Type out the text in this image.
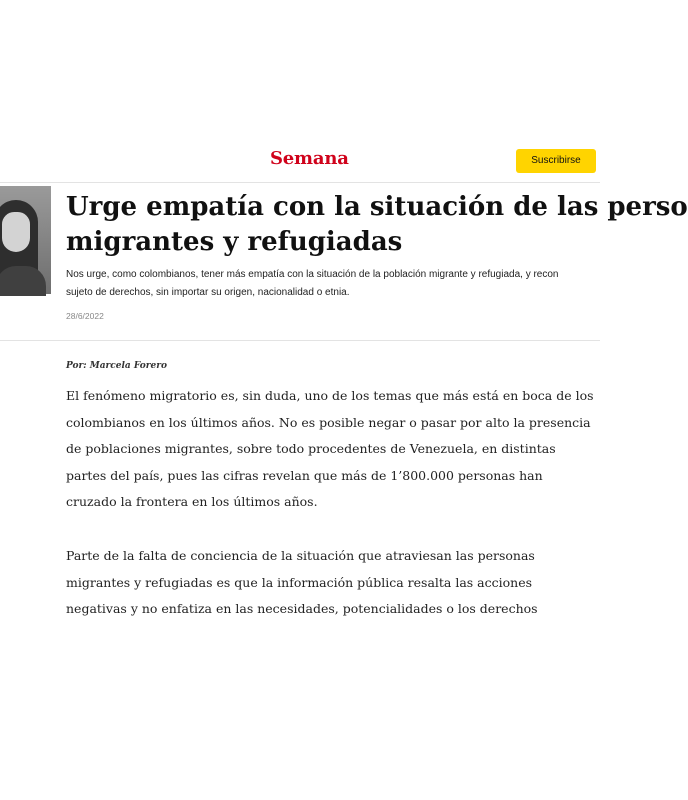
Semana	Suscribirse
Urge empatía con la situación de las perso
migrantes y refugiadas

Nos urge, como colombianos, tener más empatía con la situación de la población migrante y refugiada, y recon
sujeto de derechos, sin importar su origen, nacionalidad o etnia.

28/6/2022
Por: Marcela Forero

El fenómeno migratorio es, sin duda, uno de los temas que más está en boca de los
colombianos en los últimos años. No es posible negar o pasar por alto la presencia
de poblaciones migrantes, sobre todo procedentes de Venezuela, en distintas
partes del país, pues las cifras revelan que más de 1’800.000 personas han
cruzado la frontera en los últimos años.

Parte de la falta de conciencia de la situación que atraviesan las personas
migrantes y refugiadas es que la información pública resalta las acciones
negativas y no enfatiza en las necesidades, potencialidades o los derechos
